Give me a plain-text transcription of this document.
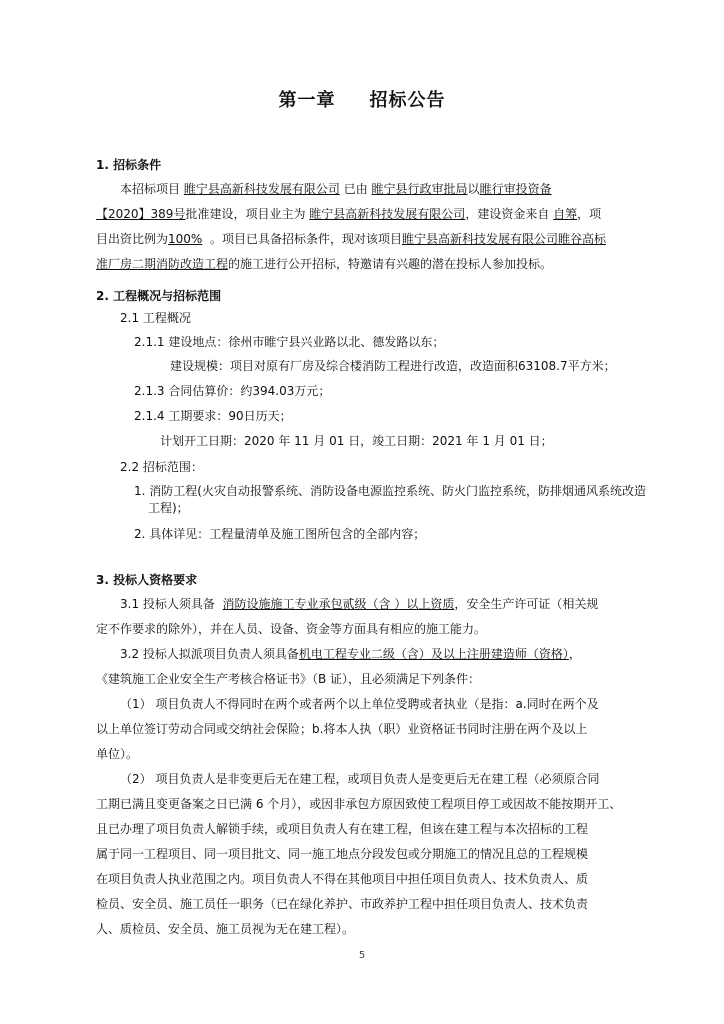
第一章 招标公告
1. 招标条件
本招标项目 睢宁县高新科技发展有限公司 已由 睢宁县行政审批局以睢行审投资备
【2020】389号批准建设，项目业主为 睢宁县高新科技发展有限公司，建设资金来自 自筹，项
目出资比例为100% 。项目已具备招标条件，现对该项目睢宁县高新科技发展有限公司睢谷高标
准厂房二期消防改造工程的施工进行公开招标，特邀请有兴趣的潜在投标人参加投标。
2. 工程概况与招标范围
2.1 工程概况
2.1.1 建设地点：徐州市睢宁县兴业路以北、德发路以东；
建设规模：项目对原有厂房及综合楼消防工程进行改造，改造面积63108.7平方米；
2.1.3 合同估算价：约394.03万元；
2.1.4 工期要求：90日历天；
计划开工日期：2020 年 11 月 01 日，竣工日期：2021 年 1 月 01 日；
2.2 招标范围：
1. 消防工程(火灾自动报警系统、消防设备电源监控系统、防火门监控系统，防排烟通风系统改造
工程)；
2. 具体详见：工程量清单及施工图所包含的全部内容；
3. 投标人资格要求
3.1 投标人须具备 消防设施施工专业承包贰级（含 ）以上资质，安全生产许可证（相关规
定不作要求的除外），并在人员、设备、资金等方面具有相应的施工能力。
3.2 投标人拟派项目负责人须具备机电工程专业二级（含）及以上注册建造师（资格），
《建筑施工企业安全生产考核合格证书》（B 证），且必须满足下列条件：
（1） 项目负责人不得同时在两个或者两个以上单位受聘或者执业（是指：a.同时在两个及
以上单位签订劳动合同或交纳社会保险；b.将本人执（职）业资格证书同时注册在两个及以上
单位）。
（2） 项目负责人是非变更后无在建工程，或项目负责人是变更后无在建工程（必须原合同
工期已满且变更备案之日已满 6 个月），或因非承包方原因致使工程项目停工或因故不能按期开工、
且已办理了项目负责人解锁手续，或项目负责人有在建工程，但该在建工程与本次招标的工程
属于同一工程项目、同一项目批文、同一施工地点分段发包或分期施工的情况且总的工程规模
在项目负责人执业范围之内。项目负责人不得在其他项目中担任项目负责人、技术负责人、质
检员、安全员、施工员任一职务（已在绿化养护、市政养护工程中担任项目负责人、技术负责
人、质检员、安全员、施工员视为无在建工程）。
5
